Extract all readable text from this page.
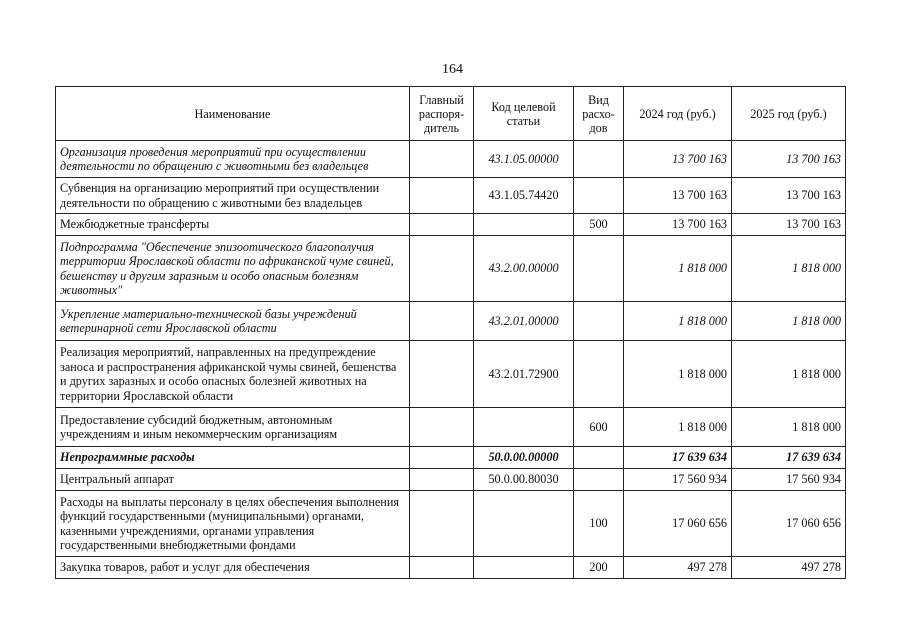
164
Наименование	Главный распоря-дитель	Код целевой статьи	Вид расхо-дов	2024 год (руб.)	2025 год (руб.)
Организация проведения мероприятий при осуществлении деятельности по обращению с животными без владельцев		43.1.05.00000		13 700 163	13 700 163
Субвенция на организацию мероприятий при осуществлении деятельности по обращению с животными без владельцев		43.1.05.74420		13 700 163	13 700 163
Межбюджетные трансферты			500	13 700 163	13 700 163
Подпрограмма "Обеспечение эпизоотического благополучия территории Ярославской области по африканской чуме свиней, бешенству и другим заразным и особо опасным болезням животных"		43.2.00.00000		1 818 000	1 818 000
Укрепление материально-технической базы учреждений ветеринарной сети Ярославской области		43.2.01.00000		1 818 000	1 818 000
Реализация мероприятий, направленных на предупреждение заноса и распространения африканской чумы свиней, бешенства и других заразных и особо опасных болезней животных на территории Ярославской области		43.2.01.72900		1 818 000	1 818 000
Предоставление субсидий бюджетным, автономным учреждениям и иным некоммерческим организациям			600	1 818 000	1 818 000
Непрограммные расходы		50.0.00.00000		17 639 634	17 639 634
Центральный аппарат		50.0.00.80030		17 560 934	17 560 934
Расходы на выплаты персоналу в целях обеспечения выполнения функций государственными (муниципальными) органами, казенными учреждениями, органами управления государственными внебюджетными фондами			100	17 060 656	17 060 656
Закупка товаров, работ и услуг для обеспечения			200	497 278	497 278
